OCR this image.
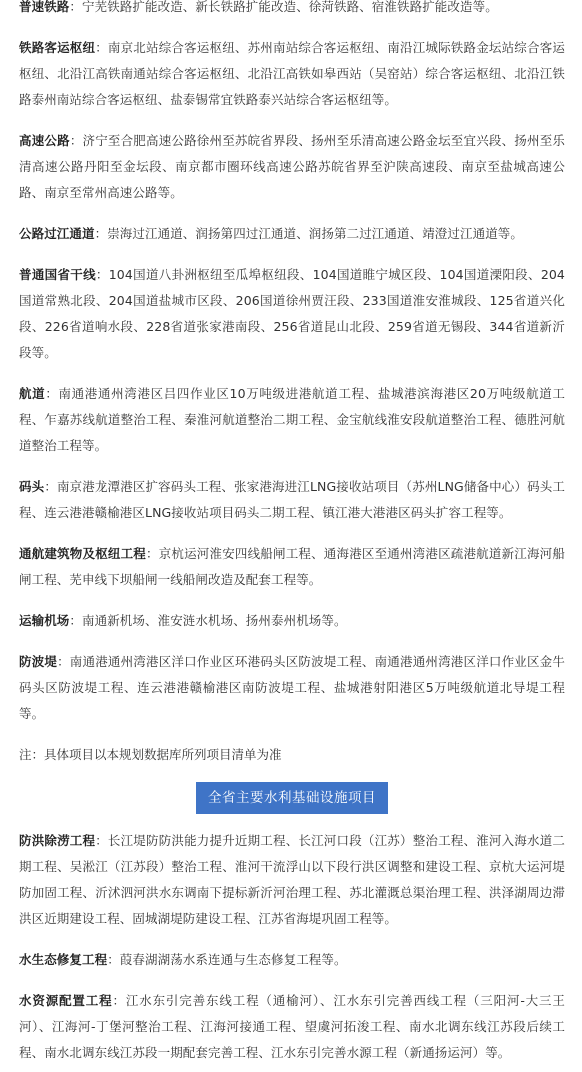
普速铁路：宁芜铁路扩能改造、新长铁路扩能改造、徐菏铁路、宿淮铁路扩能改造等。

铁路客运枢纽：南京北站综合客运枢纽、苏州南站综合客运枢纽、南沿江城际铁路金坛站综合客运枢纽、北沿江高铁南通站综合客运枢纽、北沿江高铁如皋西站（吴窑站）综合客运枢纽、北沿江铁路泰州南站综合客运枢纽、盐泰锡常宜铁路泰兴站综合客运枢纽等。

高速公路：济宁至合肥高速公路徐州至苏皖省界段、扬州至乐清高速公路金坛至宜兴段、扬州至乐清高速公路丹阳至金坛段、南京都市圈环线高速公路苏皖省界至沪陕高速段、南京至盐城高速公路、南京至常州高速公路等。

公路过江通道：崇海过江通道、润扬第四过江通道、润扬第二过江通道、靖澄过江通道等。

普通国省干线：104国道八卦洲枢纽至瓜埠枢纽段、104国道睢宁城区段、104国道溧阳段、204国道常熟北段、204国道盐城市区段、206国道徐州贾汪段、233国道淮安淮城段、125省道兴化段、226省道响水段、228省道张家港南段、256省道昆山北段、259省道无锡段、344省道新沂段等。

航道：南通港通州湾港区吕四作业区10万吨级进港航道工程、盐城港滨海港区20万吨级航道工程、乍嘉苏线航道整治工程、秦淮河航道整治二期工程、金宝航线淮安段航道整治工程、德胜河航道整治工程等。

码头：南京港龙潭港区扩容码头工程、张家港海进江LNG接收站项目（苏州LNG储备中心）码头工程、连云港港赣榆港区LNG接收站项目码头二期工程、镇江港大港港区码头扩容工程等。

通航建筑物及枢纽工程：京杭运河淮安四线船闸工程、通海港区至通州湾港区疏港航道新江海河船闸工程、芜申线下坝船闸一线船闸改造及配套工程等。

运输机场：南通新机场、淮安涟水机场、扬州泰州机场等。

防波堤：南通港通州湾港区洋口作业区环港码头区防波堤工程、南通港通州湾港区洋口作业区金牛码头区防波堤工程、连云港港赣榆港区南防波堤工程、盐城港射阳港区5万吨级航道北导堤工程等。

注：具体项目以本规划数据库所列项目清单为准

全省主要水利基础设施项目

防洪除涝工程：长江堤防防洪能力提升近期工程、长江河口段（江苏）整治工程、淮河入海水道二期工程、吴淞江（江苏段）整治工程、淮河干流浮山以下段行洪区调整和建设工程、京杭大运河堤防加固工程、沂沭泗河洪水东调南下提标新沂河治理工程、苏北灌溉总渠治理工程、洪泽湖周边滞洪区近期建设工程、固城湖堤防建设工程、江苏省海堤巩固工程等。

水生态修复工程：葭春湖湖荡水系连通与生态修复工程等。

水资源配置工程：江水东引完善东线工程（通榆河）、江水东引完善西线工程（三阳河-大三王河）、江海河-丁堡河整治工程、江海河接通工程、望虞河拓浚工程、南水北调东线江苏段后续工程、南水北调东线江苏段一期配套完善工程、江水东引完善水源工程（新通扬运河）等。
